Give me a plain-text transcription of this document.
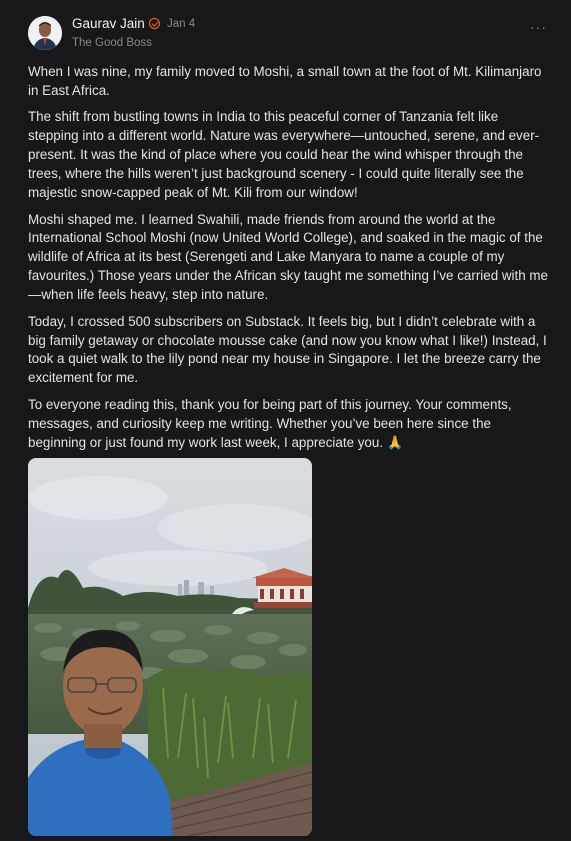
Gaurav Jain Jan 4
The Good Boss
···

When I was nine, my family moved to Moshi, a small town at the foot of Mt. Kilimanjaro in East Africa.

The shift from bustling towns in India to this peaceful corner of Tanzania felt like stepping into a different world. Nature was everywhere—untouched, serene, and ever-present. It was the kind of place where you could hear the wind whisper through the trees, where the hills weren’t just background scenery - I could quite literally see the majestic snow-capped peak of Mt. Kili from our window!

Moshi shaped me. I learned Swahili, made friends from around the world at the International School Moshi (now United World College), and soaked in the magic of the wildlife of Africa at its best (Serengeti and Lake Manyara to name a couple of my favourites.) Those years under the African sky taught me something I’ve carried with me—when life feels heavy, step into nature.

Today, I crossed 500 subscribers on Substack. It feels big, but I didn’t celebrate with a big family getaway or chocolate mousse cake (and now you know what I like!) Instead, I took a quiet walk to the lily pond near my house in Singapore. I let the breeze carry the excitement for me.

To everyone reading this, thank you for being part of this journey. Your comments, messages, and curiosity keep me writing. Whether you’ve been here since the beginning or just found my work last week, I appreciate you. 🙏
